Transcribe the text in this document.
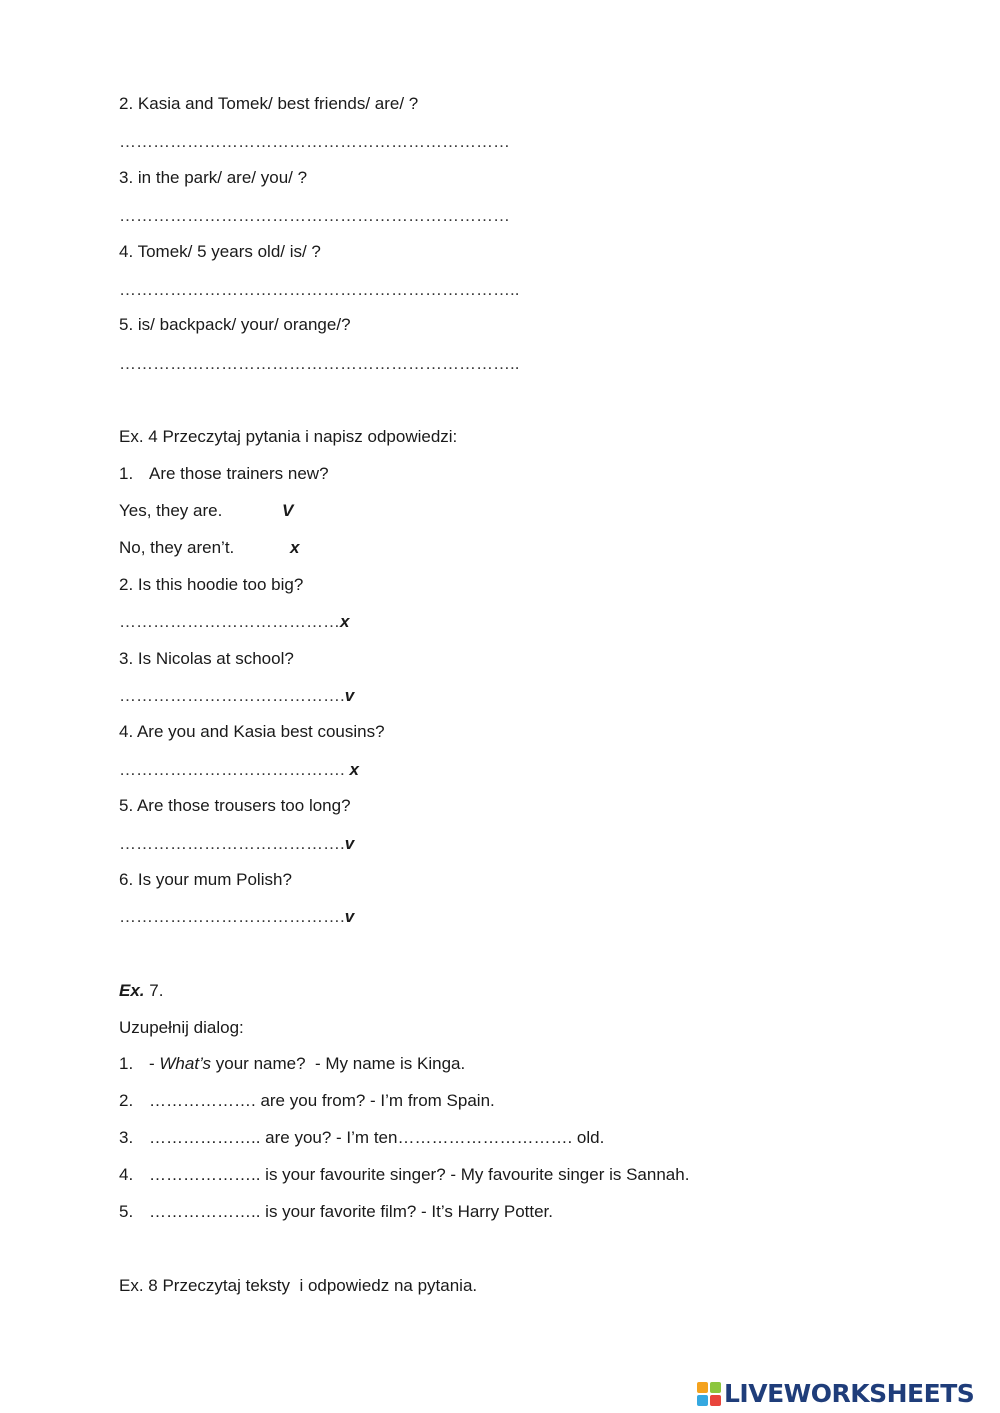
2. Kasia and Tomek/ best friends/ are/ ?
……………………………………………………………
3. in the park/ are/ you/ ?
……………………………………………………………
4. Tomek/ 5 years old/ is/ ?
……………………………………………………………..
5. is/ backpack/ your/ orange/?
……………………………………………………………..
Ex. 4 Przeczytaj pytania i napisz odpowiedzi:
1. Are those trainers new?
Yes, they are.	V
No, they aren’t.	x
2. Is this hoodie too big?
…………………………………x
3. Is Nicolas at school?
………………………………….v
4. Are you and Kasia best cousins?
…………………………………. x
5. Are those trousers too long?
………………………………….v
6. Is your mum Polish?
………………………………….v
Ex. 7.
Uzupełnij dialog:
1. - What’s your name?  - My name is Kinga.
2. ………………. are you from? - I’m from Spain.
3. ……………….. are you? - I’m ten…………………………. old.
4. ……………….. is your favourite singer? - My favourite singer is Sannah.
5. ……………….. is your favorite film? - It’s Harry Potter.
Ex. 8 Przeczytaj teksty  i odpowiedz na pytania.
LIVEWORKSHEETS
